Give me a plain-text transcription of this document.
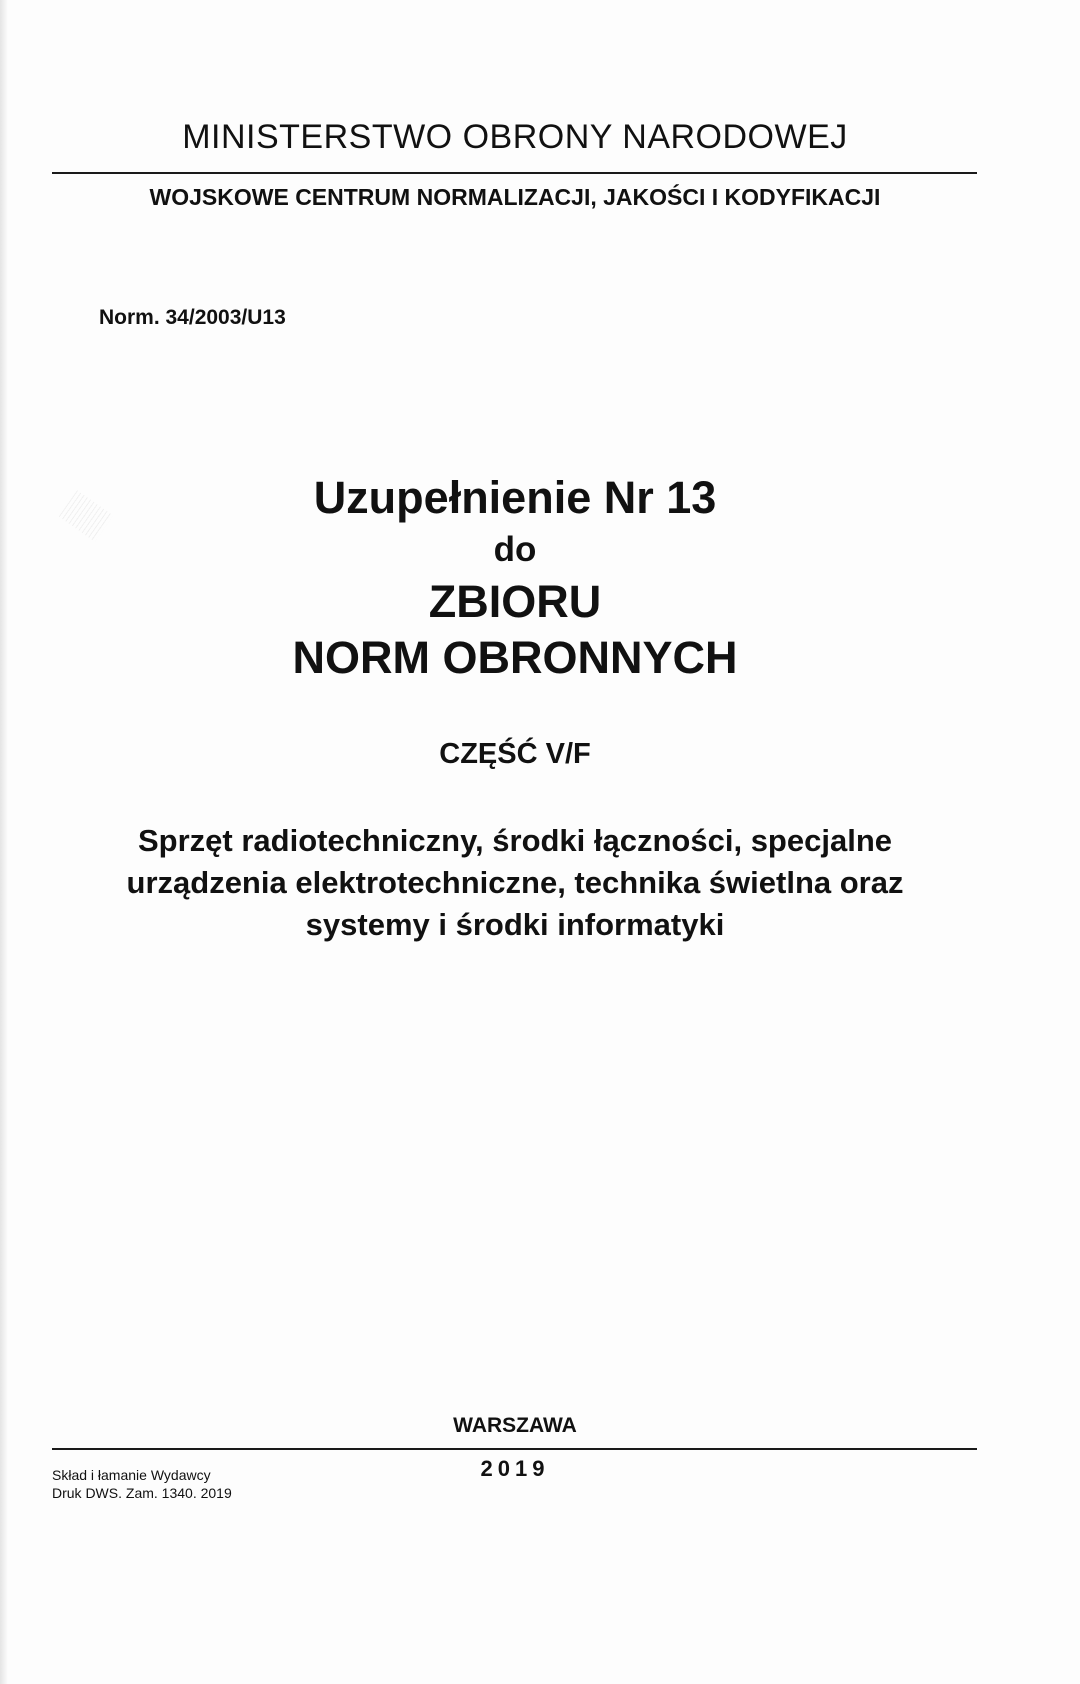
MINISTERSTWO OBRONY NARODOWEJ
WOJSKOWE CENTRUM NORMALIZACJI, JAKOŚCI I KODYFIKACJI
Norm. 34/2003/U13
Uzupełnienie Nr 13
do
ZBIORU
NORM OBRONNYCH
CZĘŚĆ V/F
Sprzęt radiotechniczny, środki łączności, specjalne
urządzenia elektrotechniczne, technika świetlna oraz
systemy i środki informatyki
WARSZAWA
2019
Skład i łamanie Wydawcy
Druk DWS. Zam. 1340. 2019
